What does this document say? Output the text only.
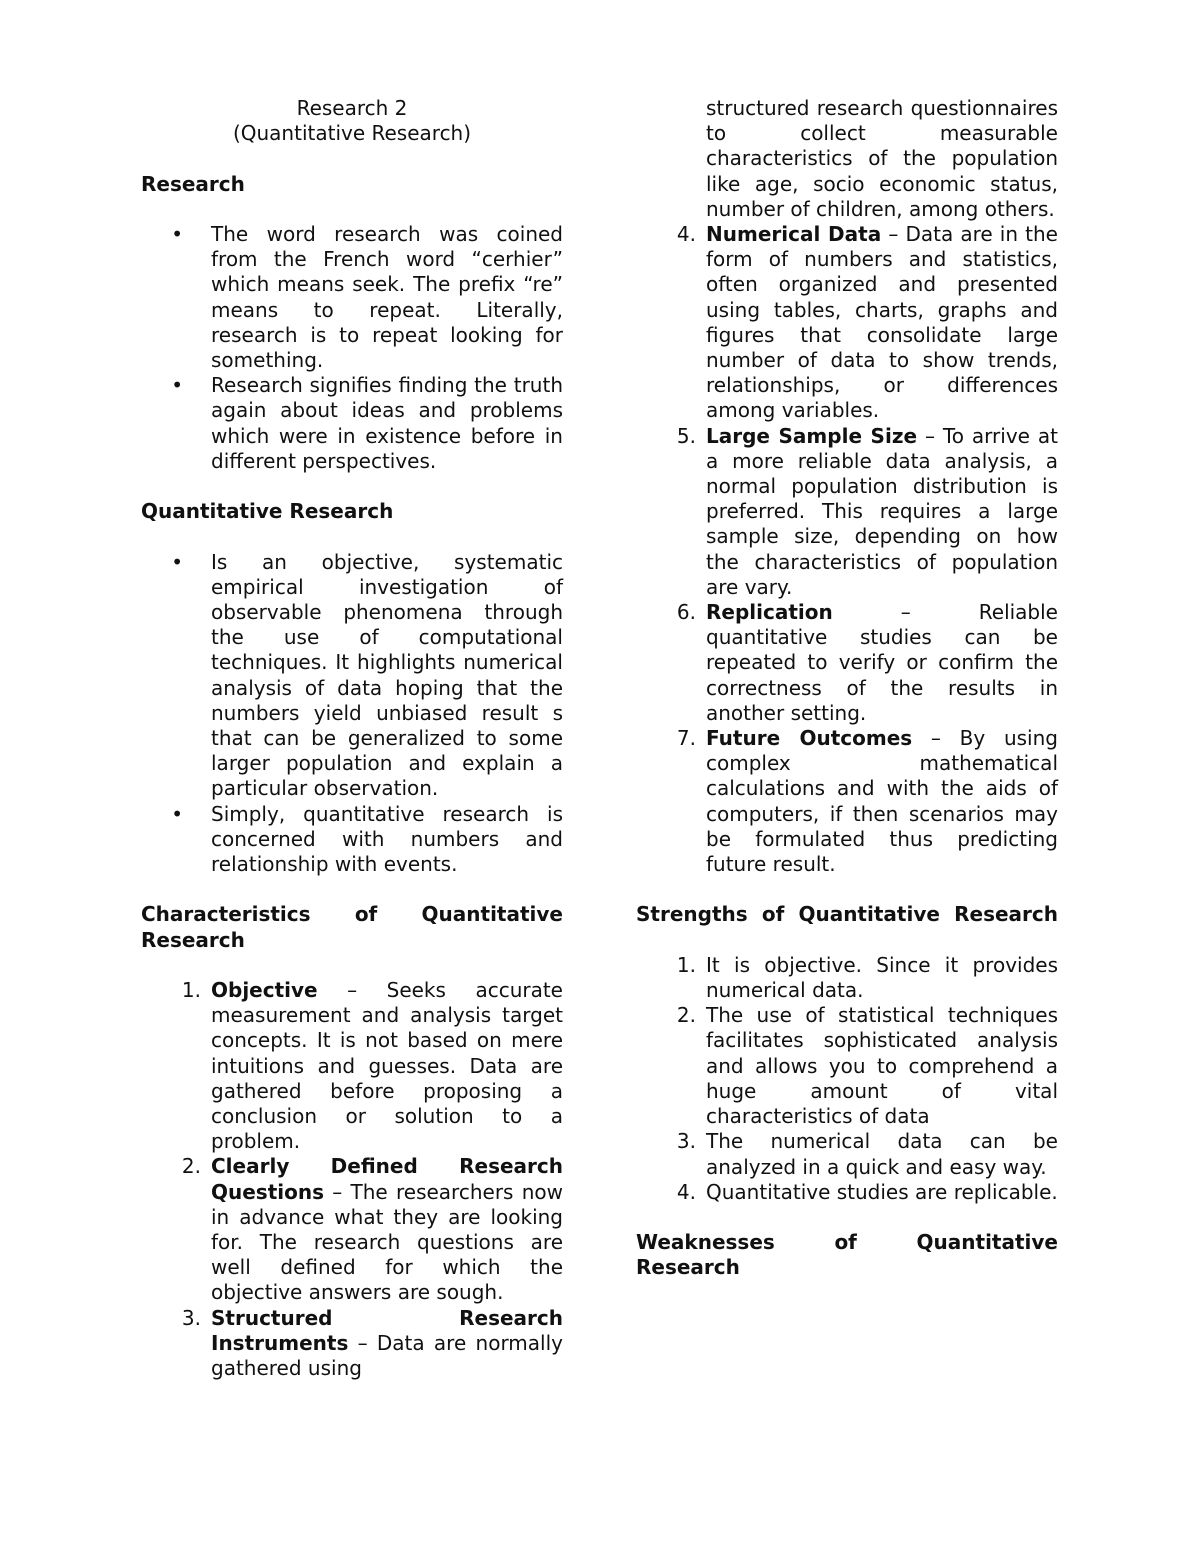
Research 2

(Quantitative Research)

Research
• The word research was coined from the French word “cerhier” which means seek. The prefix “re” means to repeat. Literally, research is to repeat looking for something.
• Research signifies finding the truth again about ideas and problems which were in existence before in different perspectives.
Quantitative Research
• Is an objective, systematic empirical investigation of observable phenomena through the use of computational techniques. It highlights numerical analysis of data hoping that the numbers yield unbiased result s that can be generalized to some larger population and explain a particular observation.
• Simply, quantitative research is concerned with numbers and relationship with events.
Characteristics of Quantitative Research
1. Objective – Seeks accurate measurement and analysis target concepts. It is not based on mere intuitions and guesses. Data are gathered before proposing a conclusion or solution to a problem.
2. Clearly Defined Research Questions – The researchers now in advance what they are looking for. The research questions are well defined for which the objective answers are sough.
3. Structured Research Instruments – Data are normally gathered using
structured research questionnaires to collect measurable characteristics of the population like age, socio economic status, number of children, among others.
4. Numerical Data – Data are in the form of numbers and statistics, often organized and presented using tables, charts, graphs and figures that consolidate large number of data to show trends, relationships, or differences among variables.
5. Large Sample Size – To arrive at a more reliable data analysis, a normal population distribution is preferred. This requires a large sample size, depending on how the characteristics of population are vary.
6. Replication – Reliable quantitative studies can be repeated to verify or confirm the correctness of the results in another setting.
7. Future Outcomes – By using complex mathematical calculations and with the aids of computers, if then scenarios may be formulated thus predicting future result.
Strengths of Quantitative Research
1. It is objective. Since it provides numerical data.
2. The use of statistical techniques facilitates sophisticated analysis and allows you to comprehend a huge amount of vital characteristics of data
3. The numerical data can be analyzed in a quick and easy way.
4. Quantitative studies are replicable.
Weaknesses of Quantitative Research
